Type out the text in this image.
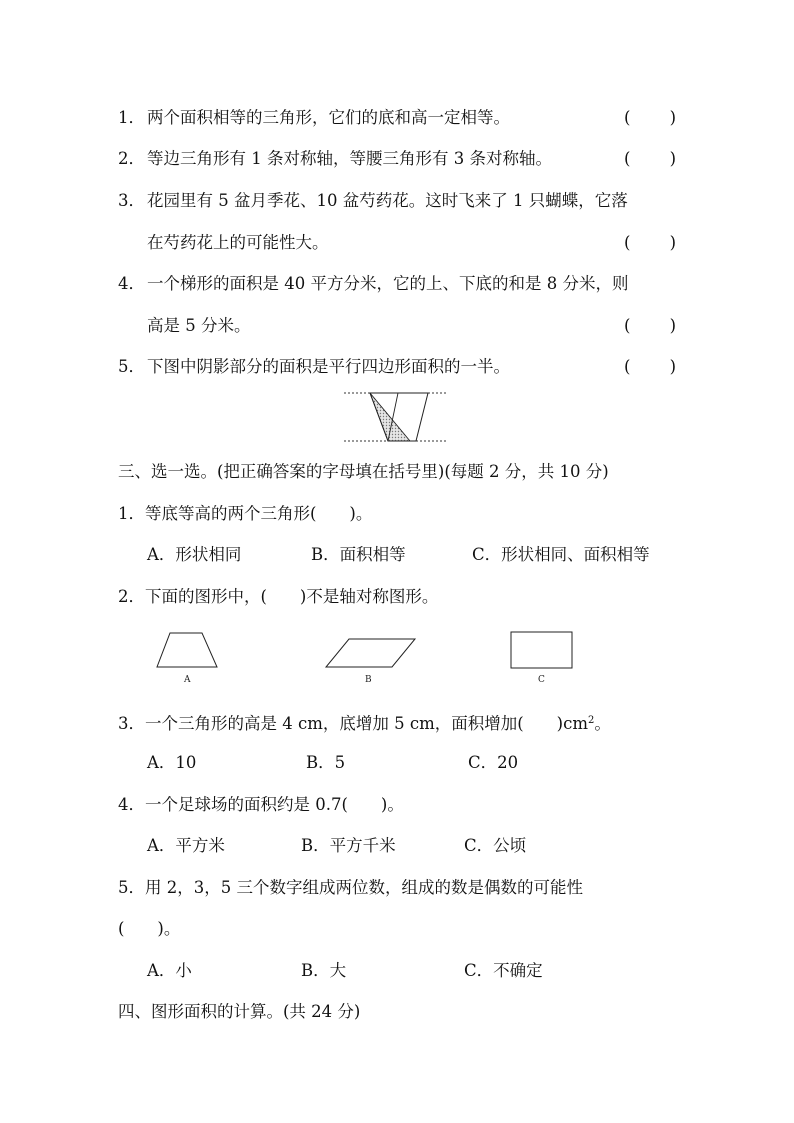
1． 两个面积相等的三角形，它们的底和高一定相等。	( )
2． 等边三角形有 1 条对称轴，等腰三角形有 3 条对称轴。	( )
3． 花园里有 5 盆月季花、10 盆芍药花。这时飞来了 1 只蝴蝶，它落
在芍药花上的可能性大。	( )
4． 一个梯形的面积是 40 平方分米，它的上、下底的和是 8 分米，则
高是 5 分米。	( )
5． 下图中阴影部分的面积是平行四边形面积的一半。	( )
三、选一选。(把正确答案的字母填在括号里)(每题 2 分，共 10 分)
1．等底等高的两个三角形(　　)。
A．形状相同	B．面积相等	C．形状相同、面积相等
2．下面的图形中，(　　)不是轴对称图形。
A	B	C
3．一个三角形的高是 4 cm，底增加 5 cm，面积增加(　　)$cm^2$。
A．10	B．5	C．20
4．一个足球场的面积约是 0.7(　　)。
A．平方米	B．平方千米	C．公顷
5．用 2，3，5 三个数字组成两位数，组成的数是偶数的可能性
(　　)。
A．小	B．大	C．不确定
四、图形面积的计算。(共 24 分)
